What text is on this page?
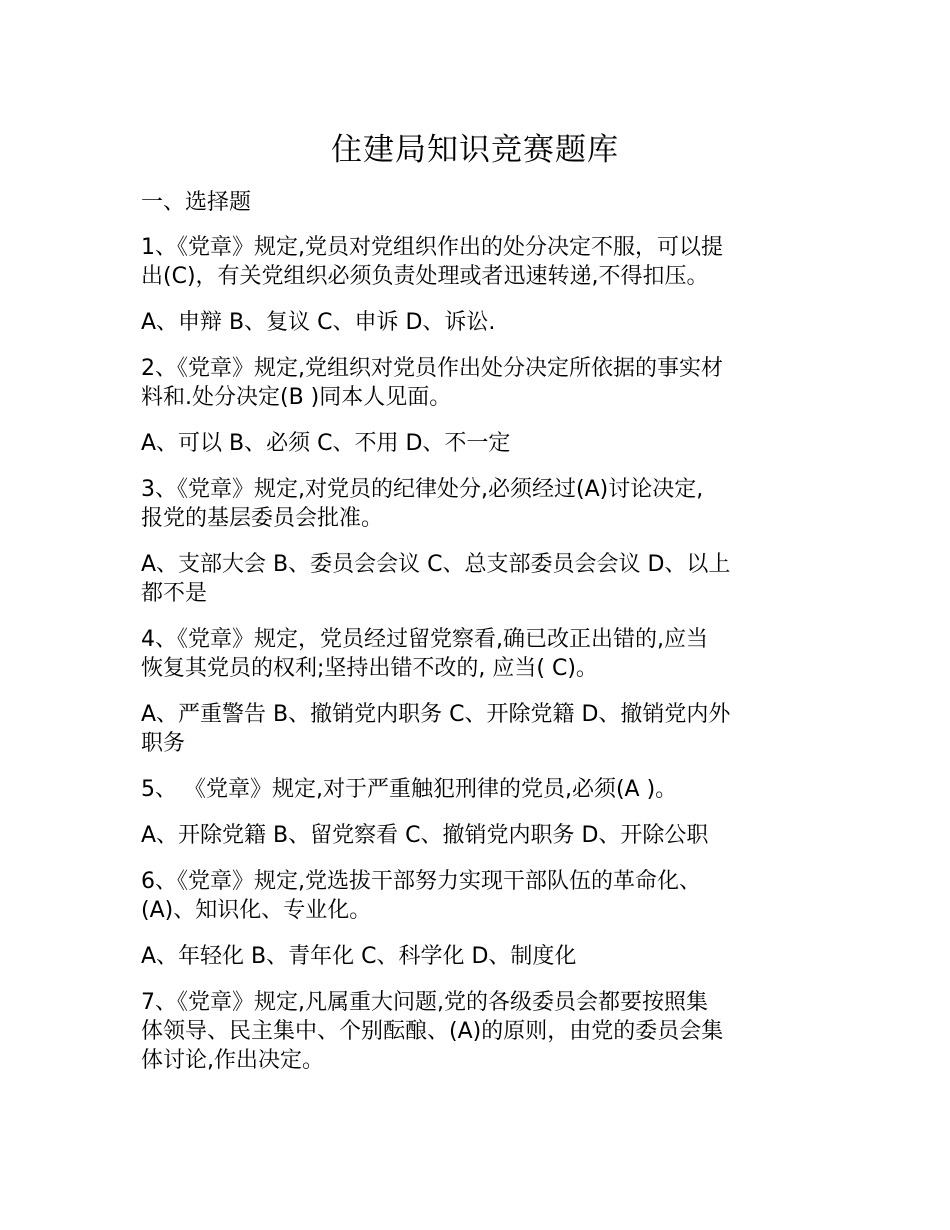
住建局知识竞赛题库
一、选择题

1、《党章》规定,党员对党组织作出的处分决定不服，可以提
出(C)，有关党组织必须负责处理或者迅速转递,不得扣压。

A、申辩 B、复议 C、申诉 D、诉讼.

2、《党章》规定,党组织对党员作出处分决定所依据的事实材
料和.处分决定(B )同本人见面。

A、可以 B、必须 C、不用 D、不一定

3、《党章》规定,对党员的纪律处分,必须经过(A)讨论决定,
报党的基层委员会批准。

A、支部大会 B、委员会会议 C、总支部委员会会议 D、以上
都不是

4、《党章》规定，党员经过留党察看,确已改正出错的,应当
恢复其党员的权利;坚持出错不改的, 应当( C)。

A、严重警告 B、撤销党内职务 C、开除党籍 D、撤销党内外
职务

5、 《党章》规定,对于严重触犯刑律的党员,必须(A )。

A、开除党籍 B、留党察看 C、撤销党内职务 D、开除公职

6、《党章》规定,党选拔干部努力实现干部队伍的革命化、
(A)、知识化、专业化。

A、年轻化 B、青年化 C、科学化 D、制度化

7、《党章》规定,凡属重大问题,党的各级委员会都要按照集
体领导、民主集中、个别酝酿、(A)的原则，由党的委员会集
体讨论,作出决定。
